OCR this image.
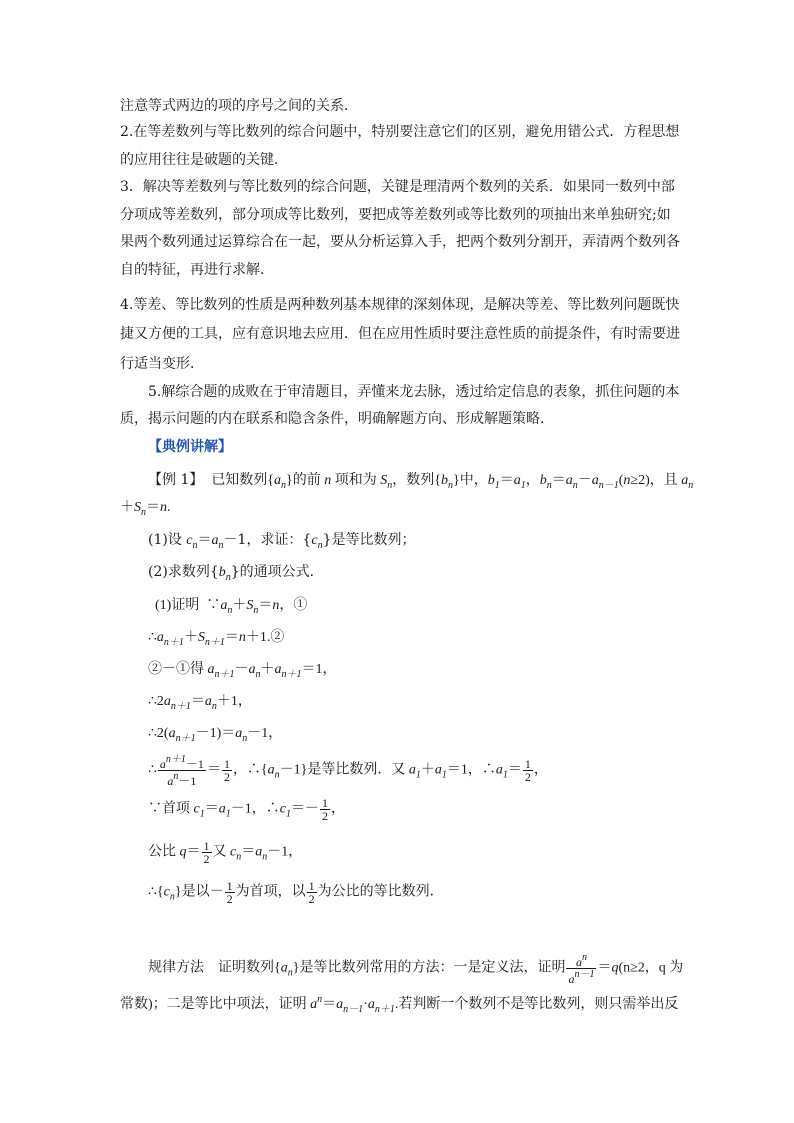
注意等式两边的项的序号之间的关系．
2.在等差数列与等比数列的综合问题中，特别要注意它们的区别，避免用错公式．方程思想
的应用往往是破题的关键．
3．解决等差数列与等比数列的综合问题，关键是理清两个数列的关系．如果同一数列中部
分项成等差数列，部分项成等比数列，要把成等差数列或等比数列的项抽出来单独研究;如
果两个数列通过运算综合在一起，要从分析运算入手，把两个数列分割开，弄清两个数列各
自的特征，再进行求解．
4.等差、等比数列的性质是两种数列基本规律的深刻体现，是解决等差、等比数列问题既快
捷又方便的工具，应有意识地去应用．但在应用性质时要注意性质的前提条件，有时需要进
行适当变形．
5.解综合题的成败在于审清题目，弄懂来龙去脉，透过给定信息的表象，抓住问题的本
质，揭示问题的内在联系和隐含条件，明确解题方向、形成解题策略.
【典例讲解】
【例 1】  已知数列$\{a_n\}$的前 n 项和为 $S_n$，数列$\{b_n\}$中，$b_1=a_1$，$b_n=a_n-a_{n-1}(n\ge 2)$，且 $a_n$
$+S_n=n$.
(1)设 $c_n=a_n-1$，求证：$\{c_n\}$是等比数列；
(2)求数列$\{b_n\}$的通项公式．
(1)证明  $\because a_n+S_n=n$，①
$\therefore a_{n+1}+S_{n+1}=n+1.②$
②－①得 $a_{n+1}-a_n+a_{n+1}=1$，
$\therefore 2a_{n+1}=a_n+1$，
$\therefore 2(a_{n+1}-1)=a_n-1$，
∴ $\frac{a^{n+1}-1}{a^n-1} = \frac{1}{2}$ ，$\therefore\{a_n-1\}$是等比数列．又 $a_1+a_1=1$，$\therefore a_1= \frac{1}{2}$ ，
∵首项 $c_1=a_1-1$，$\therefore c_1=- \frac{1}{2}$ ，
公比 $q= \frac{1}{2}$ 又 $c_n=a_n-1$，
$\therefore\{c_n\}$是以－ $\frac{1}{2}$ 为首项，以 $\frac{1}{2}$ 为公比的等比数列．
规律方法　证明数列$\{a_n\}$是等比数列常用的方法：一是定义法，证明 $\frac{a^n}{a^{n-1}} =q(n\ge 2$，q 为
常数)；二是等比中项法，证明 $a^n=a_{n-1}\cdot a_{n+1}$.若判断一个数列不是等比数列，则只需举出反
